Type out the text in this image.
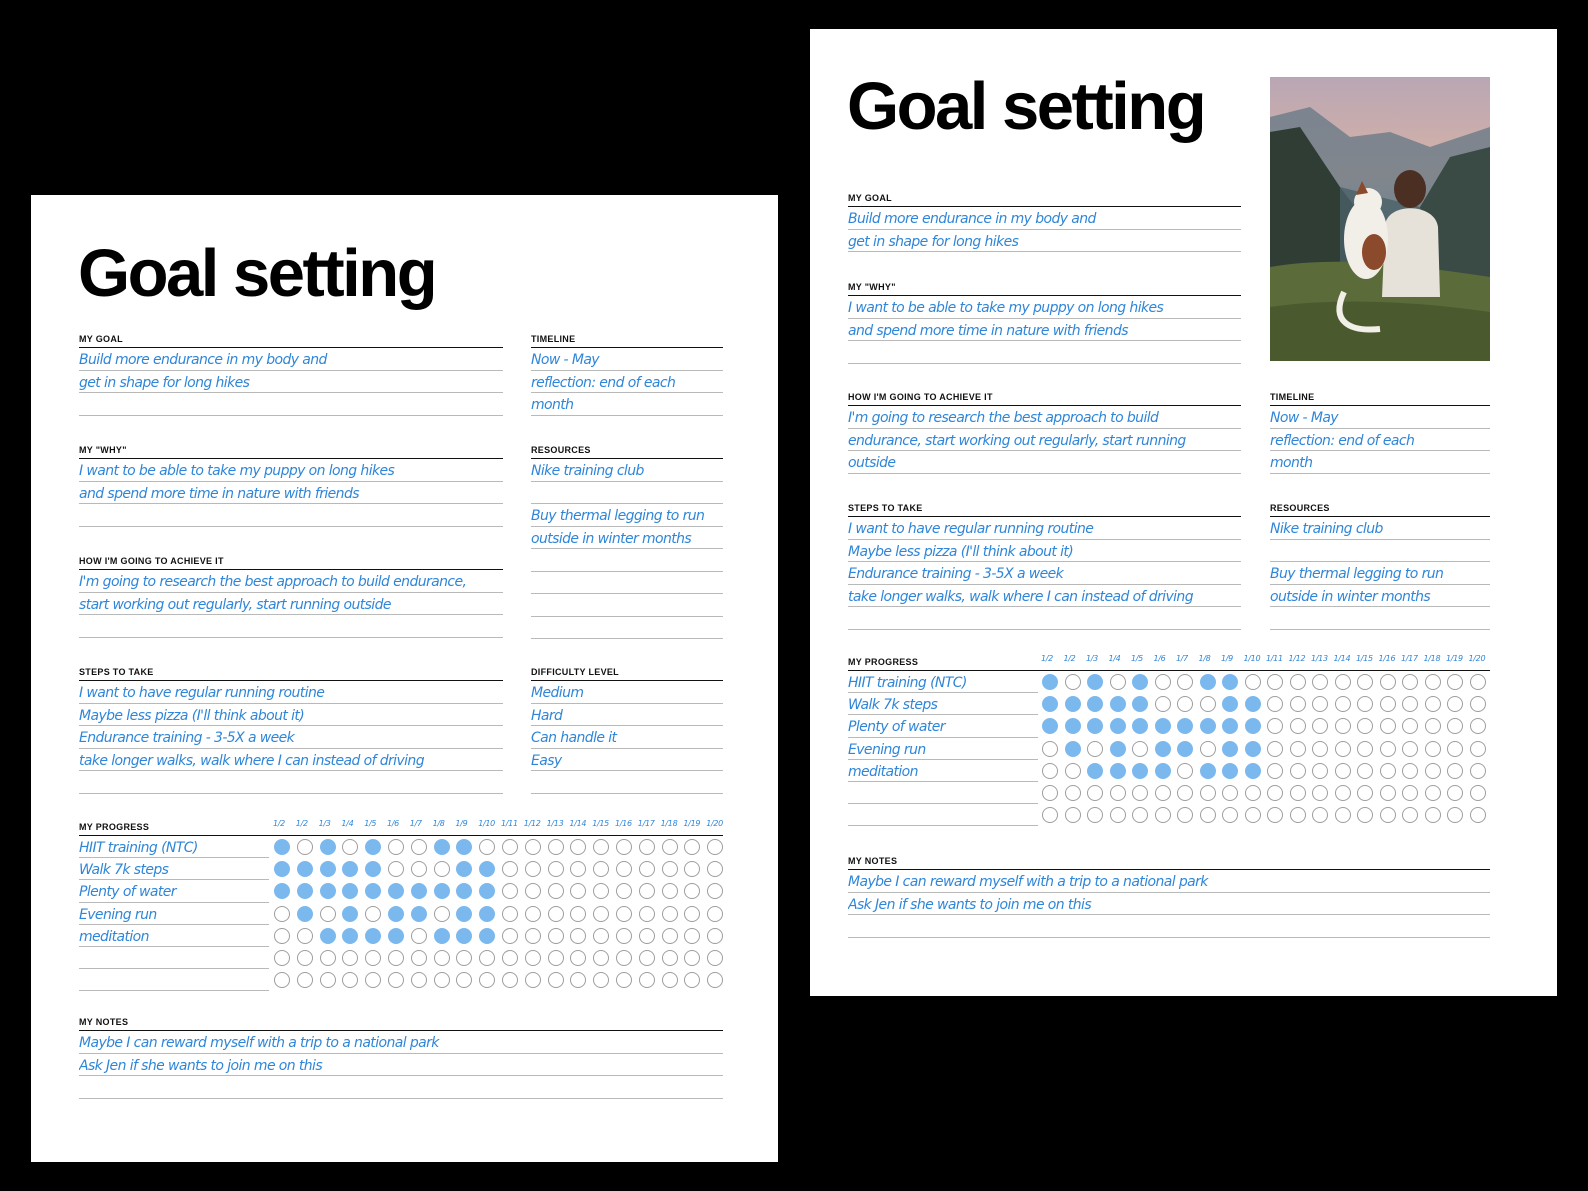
Goal setting
MY GOAL
Build more endurance in my body and
get in shape for long hikes
TIMELINE
Now - May
reflection: end of each
month
MY "WHY"
I want to be able to take my puppy on long hikes
and spend more time in nature with friends
RESOURCES
Nike training club
Buy thermal legging to run
outside in winter months
HOW I'M GOING TO ACHIEVE IT
I'm going to research the best approach to build endurance,
start working out regularly, start running outside
STEPS TO TAKE
I want to have regular running routine
Maybe less pizza (I'll think about it)
Endurance training - 3-5X a week
take longer walks, walk where I can instead of driving
DIFFICULTY LEVEL
Medium
Hard
Can handle it
Easy
MY PROGRESS	1/2 1/2 1/3 1/4 1/5 1/6 1/7 1/8 1/9 1/10 1/11 1/12 1/13 1/14 1/15 1/16 1/17 1/18 1/19 1/20
HIIT training (NTC)
Walk 7k steps
Plenty of water
Evening run
meditation
MY NOTES
Maybe I can reward myself with a trip to a national park
Ask Jen if she wants to join me on this
Goal setting
MY GOAL
Build more endurance in my body and
get in shape for long hikes
MY "WHY"
I want to be able to take my puppy on long hikes
and spend more time in nature with friends
HOW I'M GOING TO ACHIEVE IT
I'm going to research the best approach to build
endurance, start working out regularly, start running
outside
TIMELINE
Now - May
reflection: end of each
month
STEPS TO TAKE
I want to have regular running routine
Maybe less pizza (I'll think about it)
Endurance training - 3-5X a week
take longer walks, walk where I can instead of driving
RESOURCES
Nike training club
Buy thermal legging to run
outside in winter months
MY PROGRESS	1/2 1/2 1/3 1/4 1/5 1/6 1/7 1/8 1/9 1/10 1/11 1/12 1/13 1/14 1/15 1/16 1/17 1/18 1/19 1/20
HIIT training (NTC)
Walk 7k steps
Plenty of water
Evening run
meditation
MY NOTES
Maybe I can reward myself with a trip to a national park
Ask Jen if she wants to join me on this
